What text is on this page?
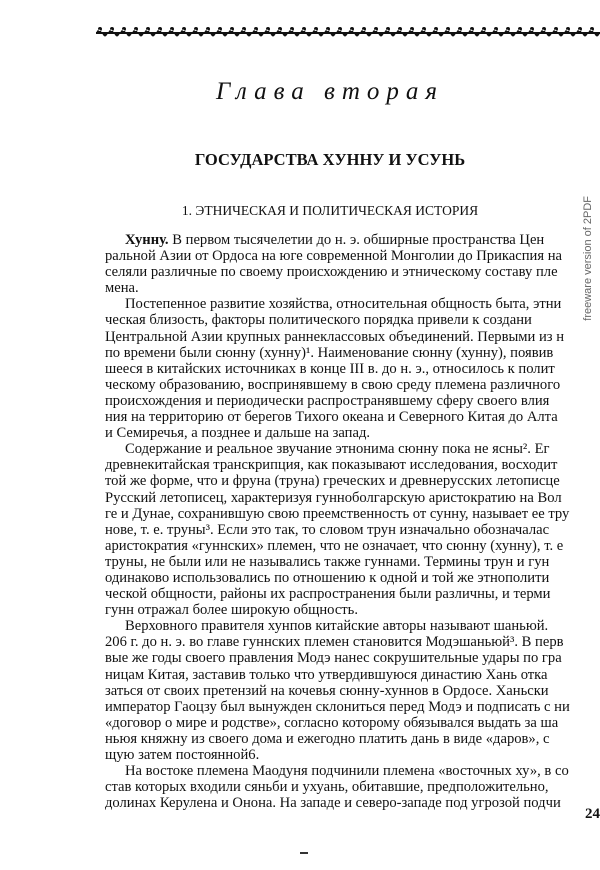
Глава вторая
ГОСУДАРСТВА ХУННУ И УСУНЬ
1. ЭТНИЧЕСКАЯ И ПОЛИТИЧЕСКАЯ ИСТОРИЯ	freeware version of 2PDF
Хунну. В первом тысячелетии до н. э. обширные пространства Цен
ральной Азии от Ордоса на юге современной Монголии до Прикаспия на
селяли различные по своему происхождению и этническому составу пле
мена.
Постепенное развитие хозяйства, относительная общность быта, этни
ческая близость, факторы политического порядка привели к создани
Центральной Азии крупных раннеклассовых объединений. Первыми из н
по времени были сюнну (хунну)¹. Наименование сюнну (хунну), появив
шееся в китайских источниках в конце III в. до н. э., относилось к полит
ческому образованию, воспринявшему в свою среду племена различного
происхождения и периодически распространявшему сферу своего влия
ния на территорию от берегов Тихого океана и Северного Китая до Алта
и Семиречья, а позднее и дальше на запад.
Содержание и реальное звучание этнонима сюнну пока не ясны². Ег
древнекитайская транскрипция, как показывают исследования, восходит
той же форме, что и фруна (труна) греческих и древнерусских летописце
Русский летописец, характеризуя гунноболгарскую аристократию на Вол
ге и Дунае, сохранившую свою преемственность от сунну, называет ее тру
нове, т. е. труны³. Если это так, то словом трун изначально обозначалас
аристократия «гуннских» племен, что не означает, что сюнну (хунну), т. е
труны, не были или не назывались также гуннами. Термины трун и гун
одинаково использовались по отношению к одной и той же этнополити
ческой общности, районы их распространения были различны, и терми
гунн отражал более широкую общность.
Верховного правителя хунпов китайские авторы называют шаньюй.
206 г. до н. э. во главе гуннских племен становится Модэшаньюй³. В перв
вые же годы своего правления Модэ нанес сокрушительные удары по гра
ницам Китая, заставив только что утвердившуюся династию Хань отка
заться от своих претензий на кочевья сюнну-хуннов в Ордосе. Ханьски
император Гаоцзу был вынужден склониться перед Модэ и подписать с ни
«договор о мире и родстве», согласно которому обязывался выдать за ша
ньюя княжну из своего дома и ежегодно платить дань в виде «даров», с
щую затем постоянной6.
На востоке племена Маодуня подчинили племена «восточных ху», в со
став которых входили сяньби и ухуань, обитавшие, предположительно,
долинах Керулена и Онона. На западе и северо-западе под угрозой подчи
24
